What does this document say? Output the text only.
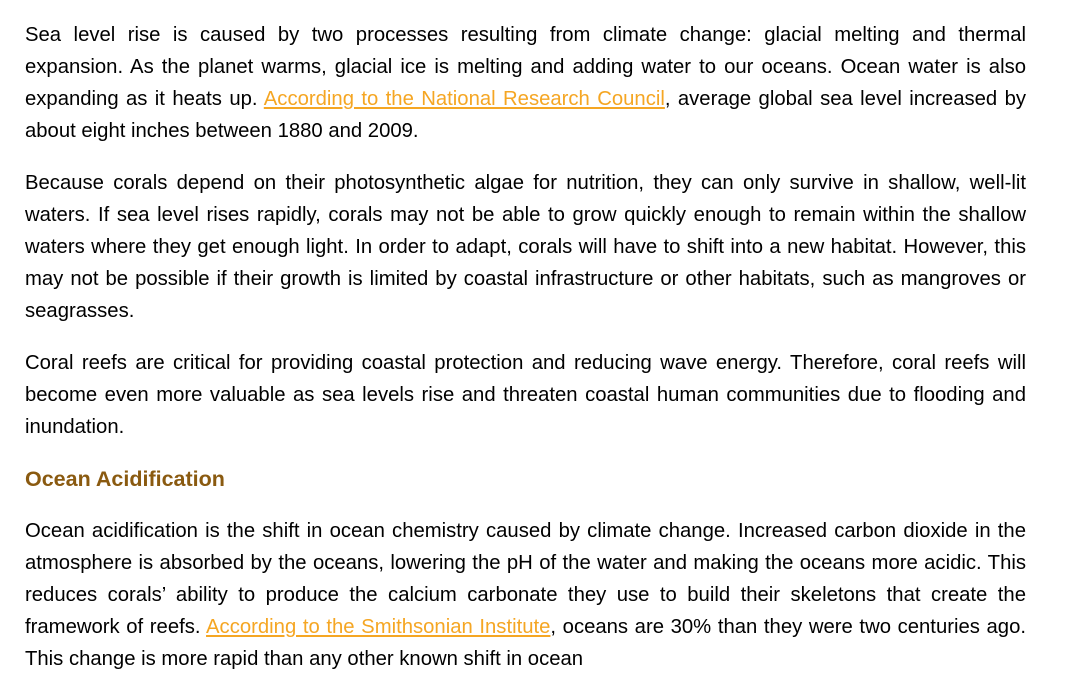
Sea level rise is caused by two processes resulting from climate change: glacial melting and thermal expansion. As the planet warms, glacial ice is melting and adding water to our oceans. Ocean water is also expanding as it heats up. According to the National Research Council, average global sea level increased by about eight inches between 1880 and 2009.

Because corals depend on their photosynthetic algae for nutrition, they can only survive in shallow, well-lit waters. If sea level rises rapidly, corals may not be able to grow quickly enough to remain within the shallow waters where they get enough light. In order to adapt, corals will have to shift into a new habitat. However, this may not be possible if their growth is limited by coastal infrastructure or other habitats, such as mangroves or seagrasses.

Coral reefs are critical for providing coastal protection and reducing wave energy. Therefore, coral reefs will become even more valuable as sea levels rise and threaten coastal human communities due to flooding and inundation.

Ocean Acidification

Ocean acidification is the shift in ocean chemistry caused by climate change. Increased carbon dioxide in the atmosphere is absorbed by the oceans, lowering the pH of the water and making the oceans more acidic. This reduces corals’ ability to produce the calcium carbonate they use to build their skeletons that create the framework of reefs. According to the Smithsonian Institute, oceans are 30% than they were two centuries ago. This change is more rapid than any other known shift in ocean
